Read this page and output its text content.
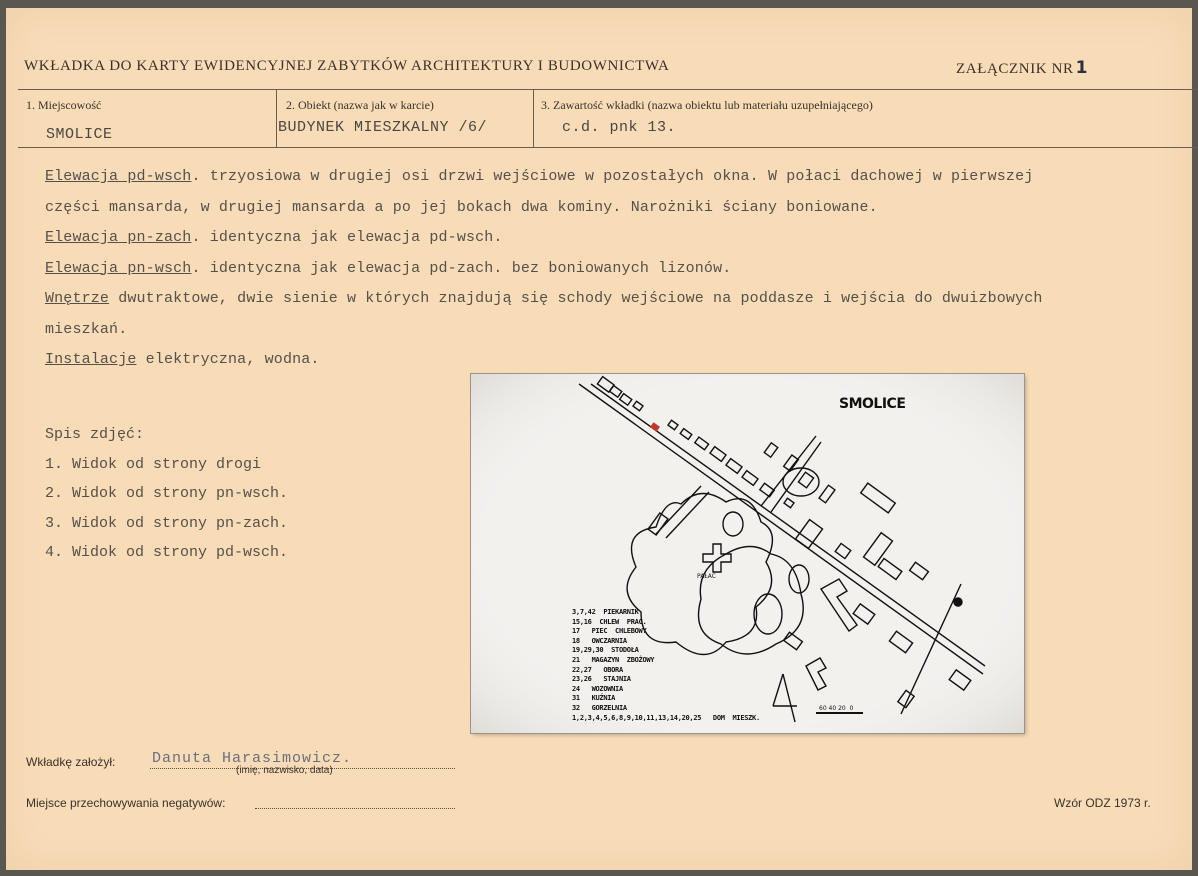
WKŁADKA DO KARTY EWIDENCYJNEJ ZABYTKÓW ARCHITEKTURY I BUDOWNICTWA	ZAŁĄCZNIK NR 1
1. Miejscowość
SMOLICE
2. Obiekt (nazwa jak w karcie)
BUDYNEK MIESZKALNY /6/
3. Zawartość wkładki (nazwa obiektu lub materiału uzupełniającego)
c.d. pnk 13.

Elewacja pd-wsch. trzyosiowa w drugiej osi drzwi wejściowe w pozostałych okna. W połaci dachowej w pierwszej

części mansarda, w drugiej mansarda a po jej bokach dwa kominy. Narożniki ściany boniowane.

Elewacja pn-zach. identyczna jak elewacja pd-wsch.

Elewacja pn-wsch. identyczna jak elewacja pd-zach. bez boniowanych lizonów.

Wnętrze dwutraktowe, dwie sienie w których znajdują się schody wejściowe na poddasze i wejścia do dwuizbowych

mieszkań.

Instalacje elektryczna, wodna.

Spis zdjęć:

1. Widok od strony drogi

2. Widok od strony pn-wsch.

3. Widok od strony pn-zach.

4. Widok od strony pd-wsch.

SMOLICE
PAŁAC
60 40 20  0
3,7,42  PIEKARNIK
15,16  CHLEW  PRAC.
17   PIEC  CHLEBOWY
18   OWCZARNIA
19,29,30  STODOŁA
21   MAGAZYN  ZBOŻOWY
22,27   OBORA
23,26   STAJNIA
24   WOZOWNIA
31   KUŹNIA
32   GORZELNIA
1,2,3,4,5,6,8,9,10,11,13,14,20,25   DOM  MIESZK.
Wkładkę założył: Danuta Harasimowicz.
(imię, nazwisko, data)
Miejsce przechowywania negatywów:	Wzór ODZ 1973 r.
